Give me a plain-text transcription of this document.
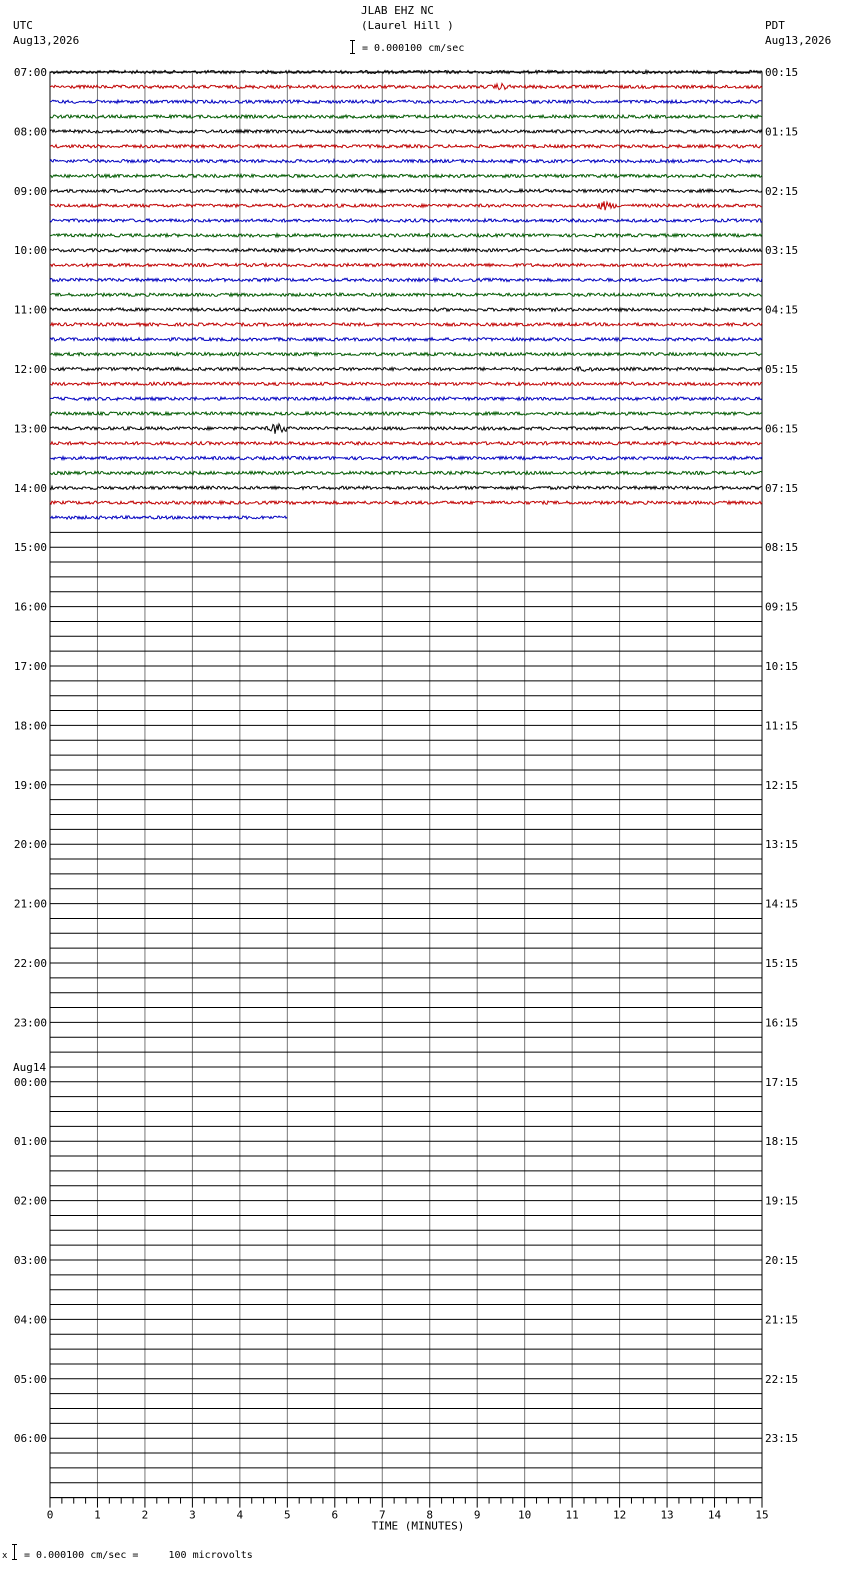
JLAB EHZ NC
(Laurel Hill )
= 0.000100 cm/sec
UTC
Aug13,2026
PDT
Aug13,2026
07:00	00:15
08:00	01:15
09:00	02:15
10:00	03:15
11:00	04:15
12:00	05:15
13:00	06:15
14:00	07:15
15:00	08:15
16:00	09:15
17:00	10:15
18:00	11:15
19:00	12:15
20:00	13:15
21:00	14:15
22:00	15:15
23:00	16:15
00:00	17:15
01:00	18:15
02:00	19:15
03:00	20:15
04:00	21:15
05:00	22:15
06:00	23:15
Aug14
0	1	2	3	4	5	6	7	8	9	10	11	12	13	14	15
TIME (MINUTES)
x = 0.000100 cm/sec =     100 microvolts
